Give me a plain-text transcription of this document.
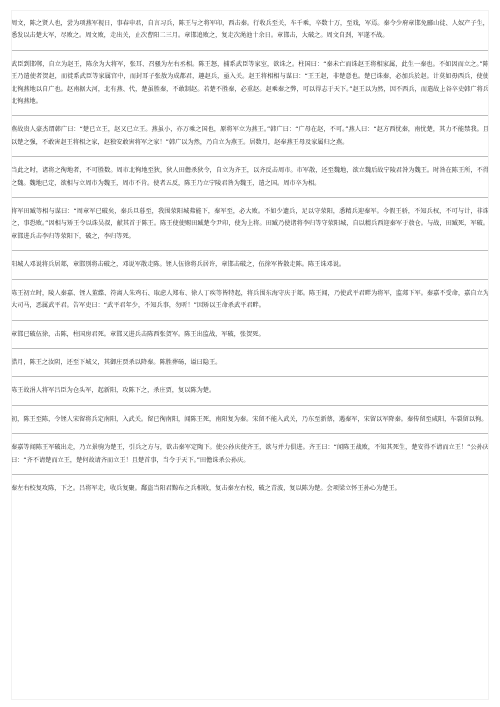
周文，陈之贤人也，尝为项燕军视日，事春申君，自言习兵，陈王与之将军印，西击秦。行收兵至关，车千乘，卒数十万，至戏，军焉。秦令少府章邯免郦山徒、人奴产子生，悉发以击楚大军，尽败之。周文败，走出关，止次曹阳二三月。章邯追败之，复走次渑池十余日。章邯击，大破之。周文自刭，军遂不战。

武臣到邯郸，自立为赵王，陈余为大将军，张耳、召骚为左右丞相。陈王怒，捕系武臣等家室，欲诛之。柱国曰：“秦未亡而诛赵王将相家属，此生一秦也。不如因而立之。”陈王乃遣使者贺赵，而徙系武臣等家属宫中，而封耳子张敖为成都君，趣赵兵，亟入关。赵王将相相与谋曰：“王王赵，非楚意也。楚已诛秦，必加兵於赵。计莫如毋西兵，使使北徇燕地以自广也。赵南据大河，北有燕、代，楚虽胜秦，不敢制赵。若楚不胜秦，必重赵。赵乘秦之弊，可以得志于天下。”赵王以为然，因不西兵，而遣故上谷卒史韩广将兵北徇燕地。

燕故贵人豪杰谓韩广曰：“楚已立王，赵又已立王。燕虽小，亦万乘之国也，原将军立为燕王。”韩广曰：“广母在赵，不可。”燕人曰：“赵方西忧秦，南忧楚，其力不能禁我。且以楚之强，不敢害赵王将相之家，赵独安敢害将军之家！”韩广以为然，乃自立为燕王。居数月，赵奉燕王母及家属归之燕。

当此之时，诸将之徇地者，不可胜数。周市北徇地至狄，狄人田儋杀狄令，自立为齐王，以齐反击周市。市军散，还至魏地，欲立魏后故宁陵君咎为魏王。时咎在陈王所，不得之魏。魏地已定，欲相与立周市为魏王，周市不肯。使者五反，陈王乃立宁陵君咎为魏王，遣之国。周市卒为相。

将军田臧等相与谋曰：“周章军已破矣，秦兵旦暮至，我围荥阳城弗能下，秦军至，必大败。不如少遗兵，足以守荥阳，悉精兵迎秦军。今假王骄，不知兵权，不可与计，非诛之，事恐败。”因相与矫王令以诛吴叔，献其首于陈王。陈王使使赐田臧楚令尹印，使为上将。田臧乃使诸将李归等守荥阳城，自以精兵西迎秦军于敖仓。与战，田臧死，军破。章邯进兵击李归等荥阳下，破之，李归等死。

阳城人邓说将兵居郯，章邯别将击破之，邓说军散走陈。铚人伍徐将兵居许，章邯击破之，伍徐军皆散走陈。陈王诛邓说。

陈王初立时，陵人秦嘉、铚人董緤、符离人朱鸡石、取虑人郑布、徐人丁疾等皆特起，将兵围东海守庆于郯。陈王闻，乃使武平君畔为将军，监郯下军。秦嘉不受命，嘉自立为大司马，恶属武平君。告军吏曰：“武平君年少，不知兵事，勿听！”因矫以王命杀武平君畔。

章邯已破伍徐，击陈，柱国房君死。章邯又进兵击陈西张贺军。陈王出监战，军破，张贺死。

腊月，陈王之汝阴，还至下城父，其御庄贾杀以降秦。陈胜葬砀，谥曰隐王。

陈王故涓人将军吕臣为仓头军，起新阳，攻陈下之，杀庄贾，复以陈为楚。

初，陈王至陈，令铚人宋留将兵定南阳，入武关。留已徇南阳，闻陈王死，南阳复为秦。宋留不能入武关，乃东至新蔡，遇秦军，宋留以军降秦。秦传留至咸阳，车裂留以徇。

秦嘉等闻陈王军破出走，乃立景驹为楚王，引兵之方与，欲击秦军定陶下。使公孙庆使齐王，欲与并力俱进。齐王曰：“闻陈王战败，不知其死生，楚安得不请而立王！”公孙庆曰：“齐不请楚而立王，楚何故请齐而立王！且楚首事，当令于天下。”田儋诛杀公孙庆。

秦左右校复攻陈，下之。吕将军走，收兵复聚。鄱盗当阳君黥布之兵相收，复击秦左右校，破之青波，复以陈为楚。会项梁立怀王孙心为楚王。
